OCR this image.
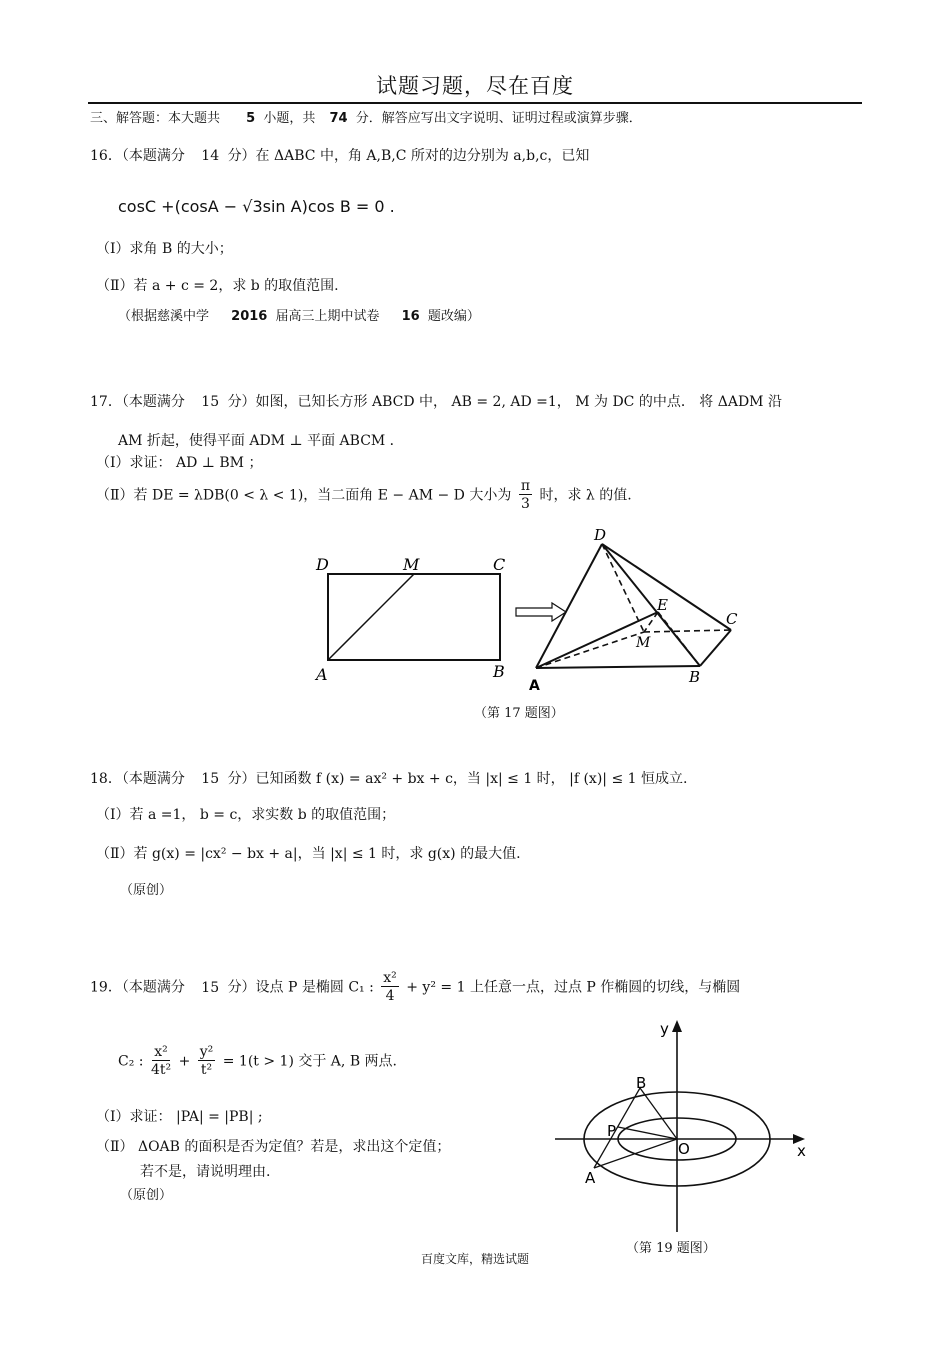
试题习题，尽在百度
三、解答题：本大题共 5 小题，共 74 分．解答应写出文字说明、证明过程或演算步骤．
16．（本题满分 14 分）在 ΔABC 中，角 A,B,C 所对的边分别为 a,b,c，已知
cosC +(cosA − √3sin A)cos B = 0 .
（Ⅰ）求角 B 的大小；
（Ⅱ）若 a + c = 2，求 b 的取值范围.
（根据慈溪中学 2016 届高三上期中试卷 16 题改编）
17．（本题满分 15 分）如图，已知长方形 ABCD 中， AB = 2, AD =1， M 为 DC 的中点． 将 ΔADM 沿
AM 折起，使得平面 ADM ⊥ 平面 ABCM ．
（Ⅰ）求证： AD ⊥ BM ；
（Ⅱ）若 DE = λDB(0 < λ < 1)，当二面角 E − AM − D 大小为 $\frac{\pi}{3}$ 时，求 λ 的值.
D	M	C
A	B
D
E
M
C
B
A
（第 17 题图）
18．（本题满分 15 分）已知函数 f (x) = ax² + bx + c，当 |x| ≤ 1 时， |f (x)| ≤ 1 恒成立.
（Ⅰ）若 a =1， b = c，求实数 b 的取值范围；
（Ⅱ）若 g(x) = |cx² − bx + a|，当 |x| ≤ 1 时，求 g(x) 的最大值.
（原创）
19．（本题满分 15 分）设点 P 是椭圆 C₁ : $\frac{\text{x²}}{4} + y^2 = 1$ 上任意一点，过点 P 作椭圆的切线，与椭圆
C₂ : $\frac{\text{x²}}{\text{4t²}} + \frac{\text{y²}}{\text{t²}} = 1(t > 1)$ 交于 A, B 两点.
（Ⅰ）求证： |PA| = |PB| ;
（Ⅱ） ΔOAB 的面积是否为定值？若是，求出这个定值；
若不是，请说明理由.
（原创）
y
x
O
P
A
B
（第 19 题图）
百度文库，精选试题
